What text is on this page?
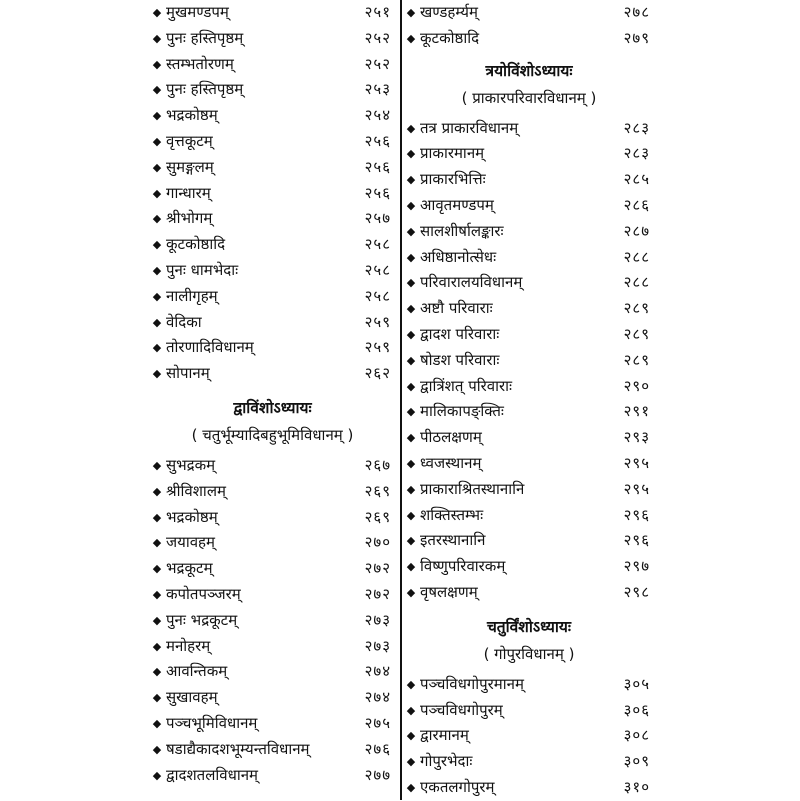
◆ मुखमण्डपम्	२५१
◆ पुनः हस्तिपृष्ठम्	२५२
◆ स्तम्भतोरणम्	२५२
◆ पुनः हस्तिपृष्ठम्	२५३
◆ भद्रकोष्ठम्	२५४
◆ वृत्तकूटम्	२५६
◆ सुमङ्गलम्	२५६
◆ गान्धारम्	२५६
◆ श्रीभोगम्	२५७
◆ कूटकोष्ठादि	२५८
◆ पुनः धामभेदाः	२५८
◆ नालीगृहम्	२५८
◆ वेदिका	२५९
◆ तोरणादिविधानम्	२५९
◆ सोपानम्	२६२
द्वाविंशोऽध्यायः
( चतुर्भूम्यादिबहुभूमिविधानम् )
◆ सुभद्रकम्	२६७
◆ श्रीविशालम्	२६९
◆ भद्रकोष्ठम्	२६९
◆ जयावहम्	२७०
◆ भद्रकूटम्	२७२
◆ कपोतपञ्जरम्	२७२
◆ पुनः भद्रकूटम्	२७३
◆ मनोहरम्	२७३
◆ आवन्तिकम्	२७४
◆ सुखावहम्	२७४
◆ पञ्चभूमिविधानम्	२७५
◆ षडाद्यैकादशभूम्यन्तविधानम्	२७६
◆ द्वादशतलविधानम्	२७७
◆ खण्डहर्म्यम्	२७८
◆ कूटकोष्ठादि	२७९
त्रयोविंशोऽध्यायः
( प्राकारपरिवारविधानम् )
◆ तत्र प्राकारविधानम्	२८३
◆ प्राकारमानम्	२८३
◆ प्राकारभित्तिः	२८५
◆ आवृतमण्डपम्	२८६
◆ सालशीर्षालङ्कारः	२८७
◆ अधिष्ठानोत्सेधः	२८८
◆ परिवारालयविधानम्	२८८
◆ अष्टौ परिवाराः	२८९
◆ द्वादश परिवाराः	२८९
◆ षोडश परिवाराः	२८९
◆ द्वात्रिंशत् परिवाराः	२९०
◆ मालिकापङ्क्तिः	२९१
◆ पीठलक्षणम्	२९३
◆ ध्वजस्थानम्	२९५
◆ प्राकाराश्रितस्थानानि	२९५
◆ शक्तिस्तम्भः	२९६
◆ इतरस्थानानि	२९६
◆ विष्णुपरिवारकम्	२९७
◆ वृषलक्षणम्	२९८
चतुर्विंशोऽध्यायः
( गोपुरविधानम् )
◆ पञ्चविधगोपुरमानम्	३०५
◆ पञ्चविधगोपुरम्	३०६
◆ द्वारमानम्	३०८
◆ गोपुरभेदाः	३०९
◆ एकतलगोपुरम्	३१०
